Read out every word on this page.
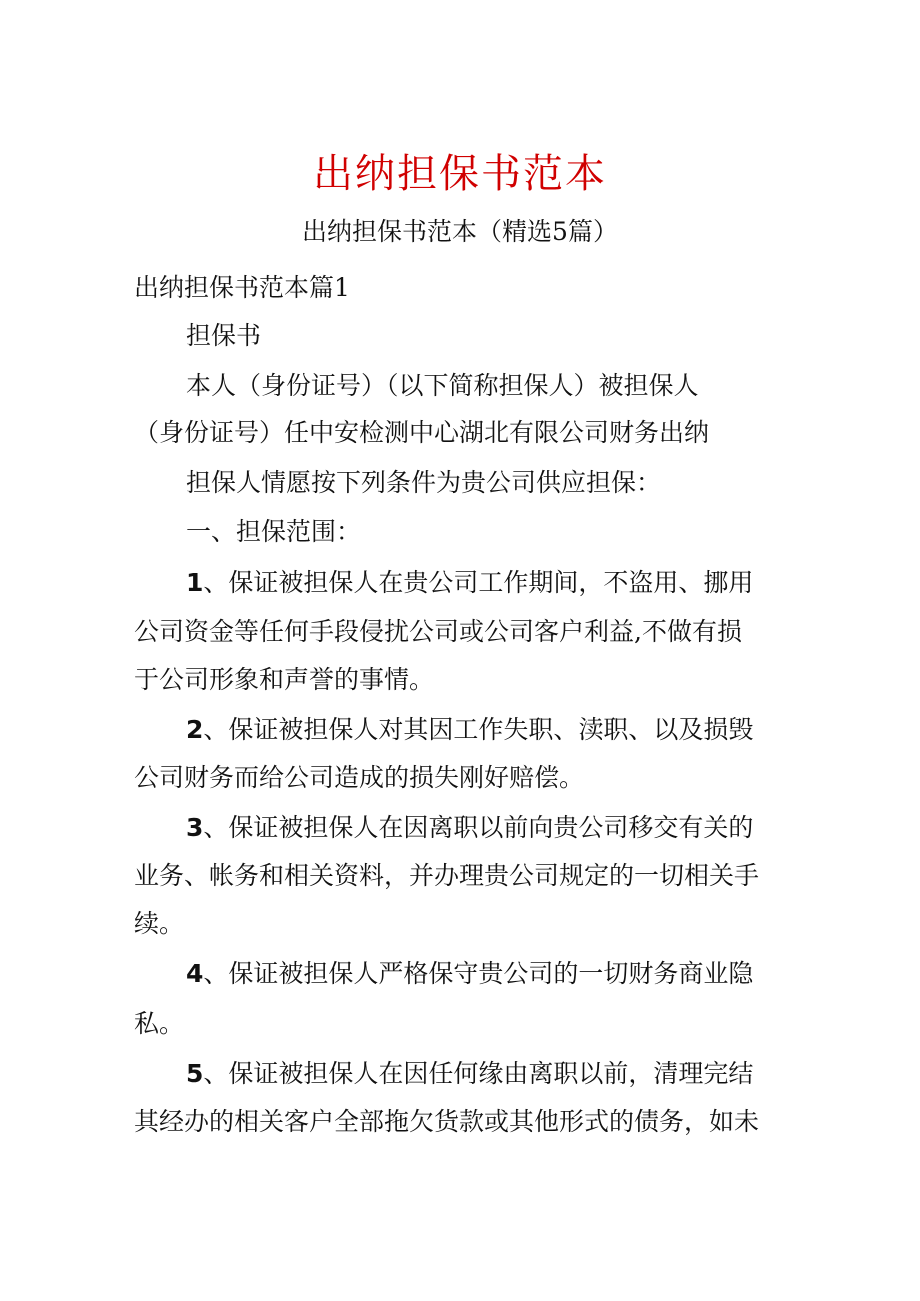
出纳担保书范本
出纳担保书范本（精选5篇）
出纳担保书范本篇1
担保书
本人（身份证号）（以下简称担保人）被担保人
（身份证号）任中安检测中心湖北有限公司财务出纳
担保人情愿按下列条件为贵公司供应担保：
一、担保范围：
1、保证被担保人在贵公司工作期间，不盗用、挪用
公司资金等任何手段侵扰公司或公司客户利益,不做有损
于公司形象和声誉的事情。
2、保证被担保人对其因工作失职、渎职、以及损毁
公司财务而给公司造成的损失刚好赔偿。
3、保证被担保人在因离职以前向贵公司移交有关的
业务、帐务和相关资料，并办理贵公司规定的一切相关手
续。
4、保证被担保人严格保守贵公司的一切财务商业隐
私。
5、保证被担保人在因任何缘由离职以前，清理完结
其经办的相关客户全部拖欠货款或其他形式的债务，如未
